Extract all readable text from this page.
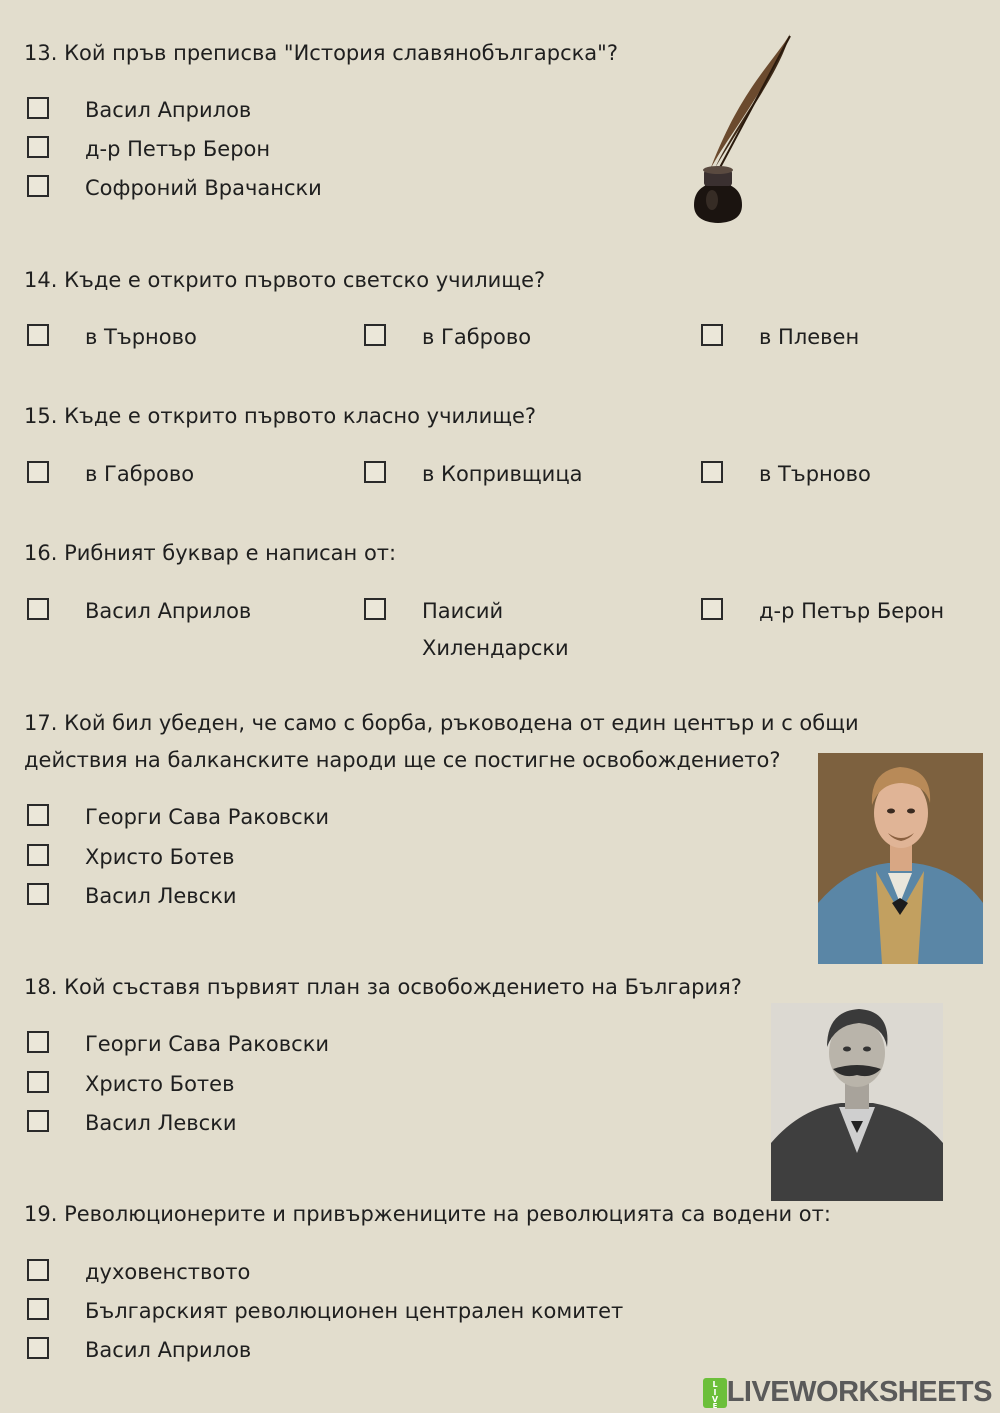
13. Кой пръв преписва "История славянобългарска"?

Васил Априлов
д-р Петър Берон
Софроний Врачански

14. Къде е открито първото светско училище?

в Търново	в Габрово	в Плевен

15. Къде е открито първото класно училище?

в Габрово	в Копривщица	в Търново

16. Рибният буквар е написан от:

Васил Априлов	Паисий Хилендарски
д-р Петър Берон

17. Кой бил убеден, че само с борба, ръководена от един център и с общи

действия на балканските народи ще се постигне освобождението?

Георги Сава Раковски
Христо Ботев
Васил Левски

18. Кой съставя първият план за освобождението на България?

Георги Сава Раковски
Христо Ботев
Васил Левски

19. Революционерите и привържениците на революцията са водени от:

духовенството
Българският революционен централен комитет
Васил Априлов
L
I
V
E LIVEWORKSHEETS
